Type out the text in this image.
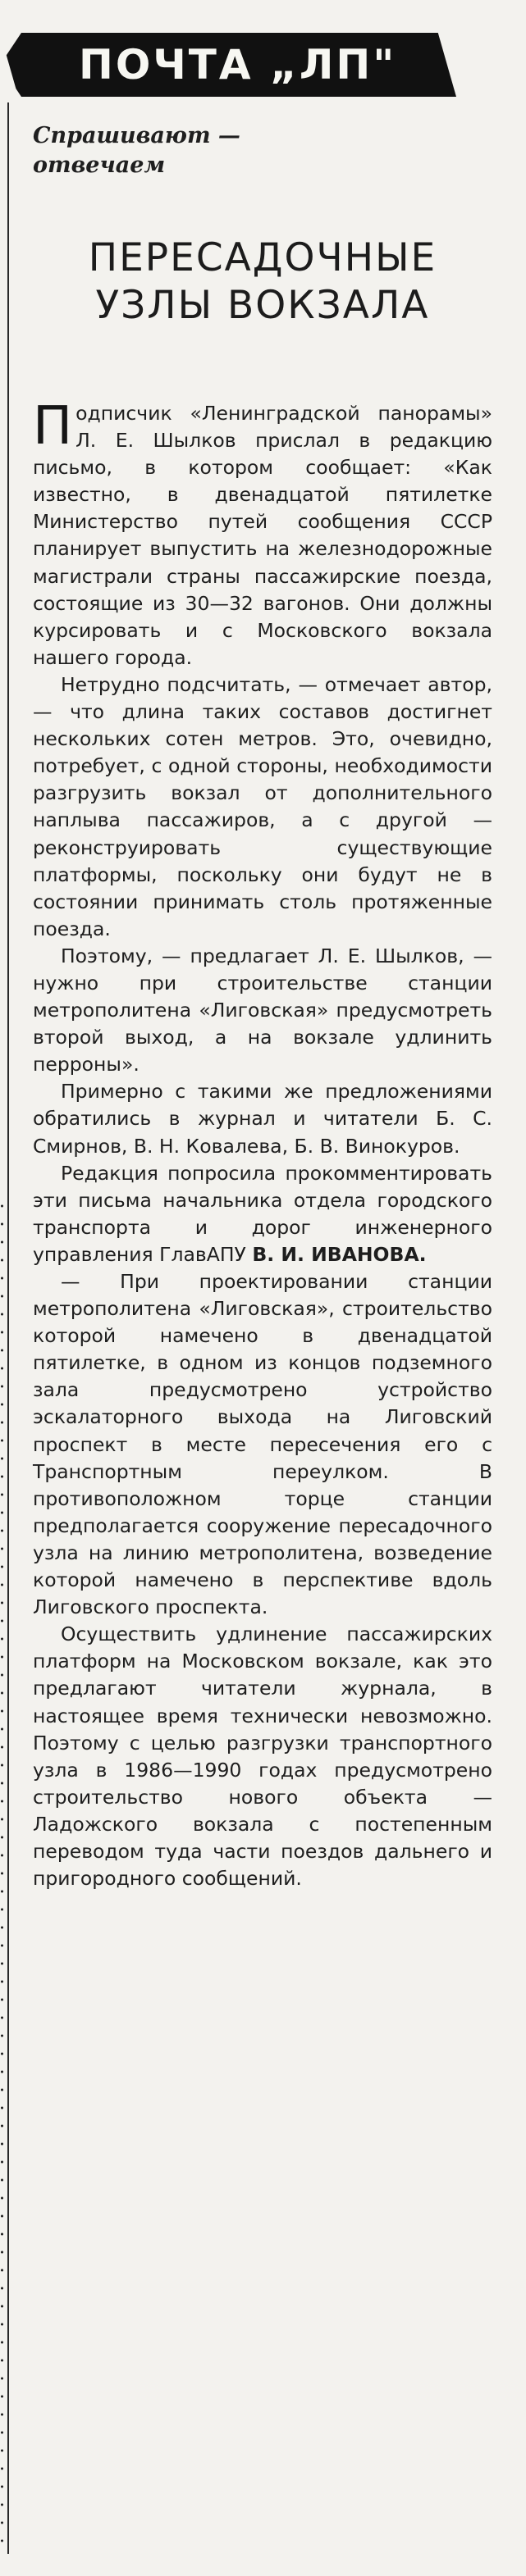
ПОЧТА „ЛП"
Спрашивают —
отвечаем
ПЕРЕСАДОЧНЫЕ
УЗЛЫ ВОКЗАЛА

Подписчик «Ленинградской панорамы» Л. Е. Шылков прислал в редакцию письмо, в котором сообщает: «Как известно, в двенадцатой пятилетке Министерство путей сообщения СССР планирует выпустить на железнодорожные магистрали страны пассажирские поезда, состоящие из 30—32 вагонов. Они должны курсировать и с Московского вокзала нашего города.

Нетрудно подсчитать, — отмечает автор, — что длина таких составов достигнет нескольких сотен метров. Это, очевидно, потребует, с одной стороны, необходимости разгрузить вокзал от дополнительного наплыва пассажиров, а с другой — реконструировать существующие платформы, поскольку они будут не в состоянии принимать столь протяженные поезда.

Поэтому, — предлагает Л. Е. Шылков, — нужно при строительстве станции метрополитена «Лиговская» предусмотреть второй выход, а на вокзале удлинить перроны».

Примерно с такими же предложениями обратились в журнал и читатели Б. С. Смирнов, В. Н. Ковалева, Б. В. Винокуров.

Редакция попросила прокомментировать эти письма начальника отдела городского транспорта и дорог инженерного управления ГлавАПУ В. И. ИВАНОВА.

— При проектировании станции метрополитена «Лиговская», строительство которой намечено в двенадцатой пятилетке, в одном из концов подземного зала предусмотрено устройство эскалаторного выхода на Лиговский проспект в месте пересечения его с Транспортным переулком. В противоположном торце станции предполагается сооружение пересадочного узла на линию метрополитена, возведение которой намечено в перспективе вдоль Лиговского проспекта.

Осуществить удлинение пассажирских платформ на Московском вокзале, как это предлагают читатели журнала, в настоящее время технически невозможно. Поэтому с целью разгрузки транспортного узла в 1986—1990 годах предусмотрено строительство нового объекта — Ладожского вокзала с постепенным переводом туда части поездов дальнего и пригородного сообщений.
